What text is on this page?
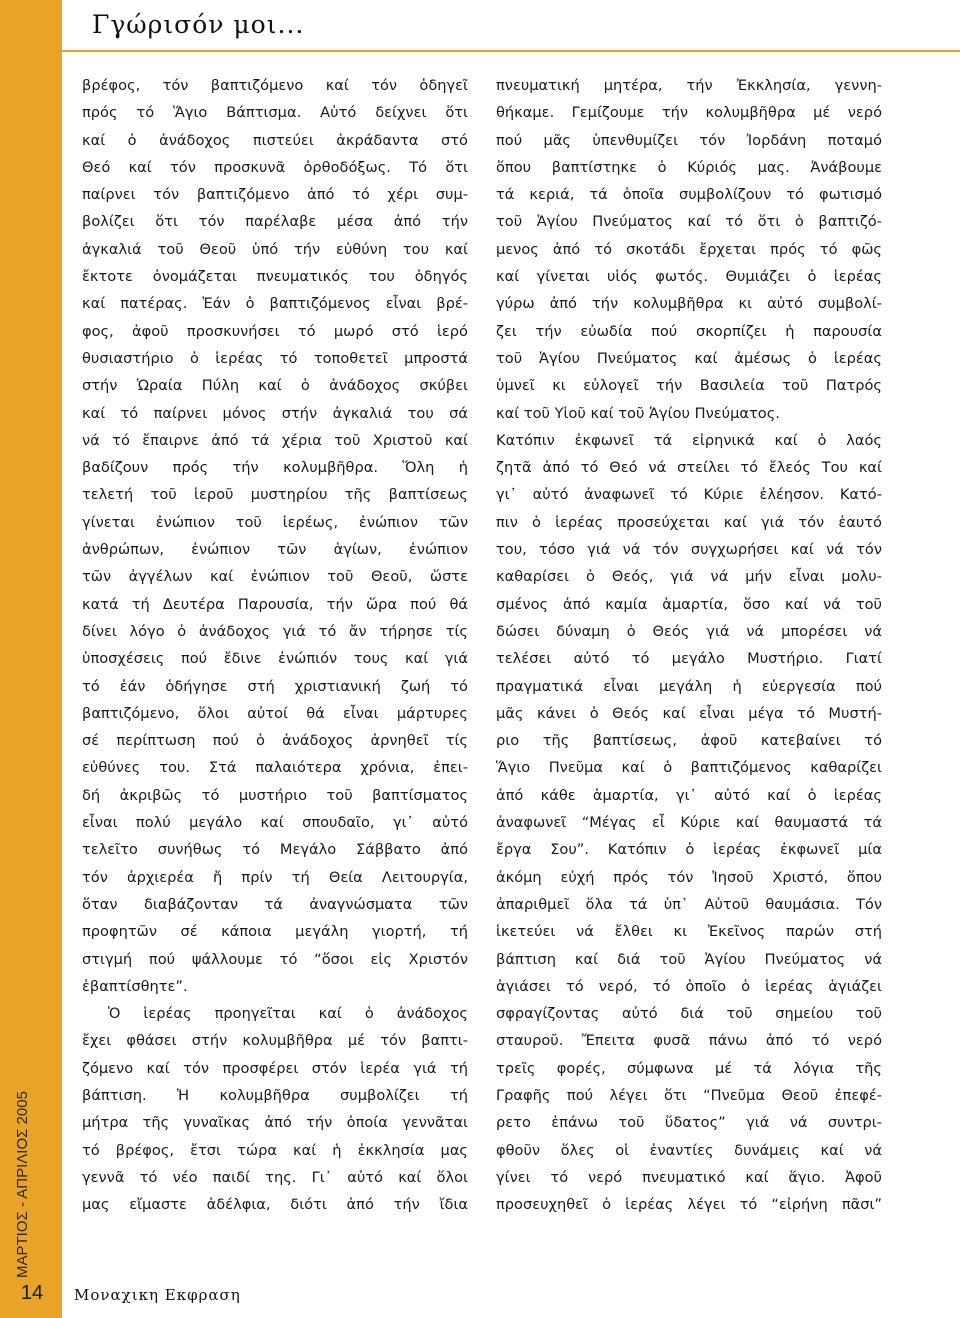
Γγώρισόν μοι...
ΜΑΡΤΙΟΣ - ΑΠΡΙΛΙΟΣ 2005
14	Μοναχικη Εκφραση
βρέφος, τόν βαπτιζόμενο καί τόν ὁδηγεῖ
πρός τό Ἅγιο Βάπτισμα. Αὐτό δείχνει ὅτι
καί ὁ ἀνάδοχος πιστεύει ἀκράδαντα στό
Θεό καί τόν προσκυνᾶ ὀρθοδόξως. Τό ὅτι
παίρνει τόν βαπτιζόμενο ἀπό τό χέρι συμ-
βολίζει ὅτι τόν παρέλαβε μέσα ἀπό τήν
ἀγκαλιά τοῦ Θεοῦ ὑπό τήν εὐθύνη του καί
ἔκτοτε ὀνομάζεται πνευματικός του ὁδηγός
καί πατέρας. Ἐάν ὁ βαπτιζόμενος εἶναι βρέ-
φος, ἀφοῦ προσκυνήσει τό μωρό στό ἱερό
θυσιαστήριο ὁ ἱερέας τό τοποθετεῖ μπροστά
στήν Ὡραία Πύλη καί ὁ ἀνάδοχος σκύβει
καί τό παίρνει μόνος στήν ἀγκαλιά του σά
νά τό ἔπαιρνε ἀπό τά χέρια τοῦ Χριστοῦ καί
βαδίζουν πρός τήν κολυμβῆθρα. Ὅλη ἡ
τελετή τοῦ ἱεροῦ μυστηρίου τῆς βαπτίσεως
γίνεται ἐνώπιον τοῦ ἱερέως, ἐνώπιον τῶν
ἀνθρώπων, ἐνώπιον τῶν ἁγίων, ἐνώπιον
τῶν ἀγγέλων καί ἐνώπιον τοῦ Θεοῦ, ὥστε
κατά τή Δευτέρα Παρουσία, τήν ὥρα πού θά
δίνει λόγο ὁ ἀνάδοχος γιά τό ἄν τήρησε τίς
ὑποσχέσεις πού ἔδινε ἐνώπιόν τους καί γιά
τό ἐάν ὁδήγησε στή χριστιανική ζωή τό
βαπτιζόμενο, ὅλοι αὐτοί θά εἶναι μάρτυρες
σέ περίπτωση πού ὁ ἀνάδοχος ἀρνηθεῖ τίς
εὐθύνες του. Στά παλαιότερα χρόνια, ἐπει-
δή ἀκριβῶς τό μυστήριο τοῦ βαπτίσματος
εἶναι πολύ μεγάλο καί σπουδαῖο, γι᾿ αὐτό
τελεῖτο συνήθως τό Μεγάλο Σάββατο ἀπό
τόν ἀρχιερέα ἤ πρίν τή Θεία Λειτουργία,
ὅταν διαβάζονταν τά ἀναγνώσματα τῶν
προφητῶν σέ κάποια μεγάλη γιορτή, τή
στιγμή πού ψάλλουμε τό “ὅσοι εἰς Χριστόν
ἐβαπτίσθητε”.
Ὁ ἱερέας προηγεῖται καί ὁ ἀνάδοχος
ἔχει φθάσει στήν κολυμβῆθρα μέ τόν βαπτι-
ζόμενο καί τόν προσφέρει στόν ἱερέα γιά τή
βάπτιση. Ἡ κολυμβῆθρα συμβολίζει τή
μήτρα τῆς γυναῖκας ἀπό τήν ὁποία γεννᾶται
τό βρέφος, ἔτσι τώρα καί ἡ ἐκκλησία μας
γεννᾶ τό νέο παιδί της. Γι᾿ αὐτό καί ὅλοι
μας εἴμαστε ἀδέλφια, διότι ἀπό τήν ἴδια
πνευματική μητέρα, τήν Ἐκκλησία, γεννη-
θήκαμε. Γεμίζουμε τήν κολυμβῆθρα μέ νερό
πού μᾶς ὑπενθυμίζει τόν Ἰορδάνη ποταμό
ὅπου βαπτίστηκε ὁ Κύριός μας. Ἀνάβουμε
τά κεριά, τά ὁποῖα συμβολίζουν τό φωτισμό
τοῦ Ἁγίου Πνεύματος καί τό ὅτι ὁ βαπτιζό-
μενος ἀπό τό σκοτάδι ἔρχεται πρός τό φῶς
καί γίνεται υἱός φωτός. Θυμιάζει ὁ ἱερέας
γύρω ἀπό τήν κολυμβῆθρα κι αὐτό συμβολί-
ζει τήν εὐωδία πού σκορπίζει ἡ παρουσία
τοῦ Ἁγίου Πνεύματος καί ἀμέσως ὁ ἱερέας
ὑμνεῖ κι εὐλογεῖ τήν Βασιλεία τοῦ Πατρός
καί τοῦ Υἱοῦ καί τοῦ Ἁγίου Πνεύματος.
Κατόπιν ἐκφωνεῖ τά εἰρηνικά καί ὁ λαός
ζητᾶ ἀπό τό Θεό νά στείλει τό ἔλεός Του καί
γι᾿ αὐτό ἀναφωνεῖ τό Κύριε ἐλέησον. Κατό-
πιν ὁ ἱερέας προσεύχεται καί γιά τόν ἑαυτό
του, τόσο γιά νά τόν συγχωρήσει καί νά τόν
καθαρίσει ὁ Θεός, γιά νά μήν εἶναι μολυ-
σμένος ἀπό καμία ἁμαρτία, ὅσο καί νά τοῦ
δώσει δύναμη ὁ Θεός γιά νά μπορέσει νά
τελέσει αὐτό τό μεγάλο Μυστήριο. Γιατί
πραγματικά εἶναι μεγάλη ἡ εὐεργεσία πού
μᾶς κάνει ὁ Θεός καί εἶναι μέγα τό Μυστή-
ριο τῆς βαπτίσεως, ἀφοῦ κατεβαίνει τό
Ἅγιο Πνεῦμα καί ὁ βαπτιζόμενος καθαρίζει
ἀπό κάθε ἁμαρτία, γι᾿ αὐτό καί ὁ ἱερέας
ἀναφωνεῖ “Μέγας εἶ Κύριε καί θαυμαστά τά
ἔργα Σου”. Κατόπιν ὁ ἱερέας ἐκφωνεῖ μία
ἀκόμη εὐχή πρός τόν Ἰησοῦ Χριστό, ὅπου
ἀπαριθμεῖ ὅλα τά ὑπ᾿ Αὐτοῦ θαυμάσια. Τόν
ἱκετεύει νά ἔλθει κι Ἐκεῖνος παρών στή
βάπτιση καί διά τοῦ Ἁγίου Πνεύματος νά
ἁγιάσει τό νερό, τό ὁποῖο ὁ ἱερέας ἁγιάζει
σφραγίζοντας αὐτό διά τοῦ σημείου τοῦ
σταυροῦ. Ἔπειτα φυσᾶ πάνω ἀπό τό νερό
τρεῖς φορές, σύμφωνα μέ τά λόγια τῆς
Γραφῆς πού λέγει ὅτι “Πνεῦμα Θεοῦ ἐπεφέ-
ρετο ἐπάνω τοῦ ὕδατος” γιά νά συντρι-
φθοῦν ὅλες οἱ ἐναντίες δυνάμεις καί νά
γίνει τό νερό πνευματικό καί ἅγιο. Ἀφοῦ
προσευχηθεῖ ὁ ἱερέας λέγει τό “εἰρήνη πᾶσι”
